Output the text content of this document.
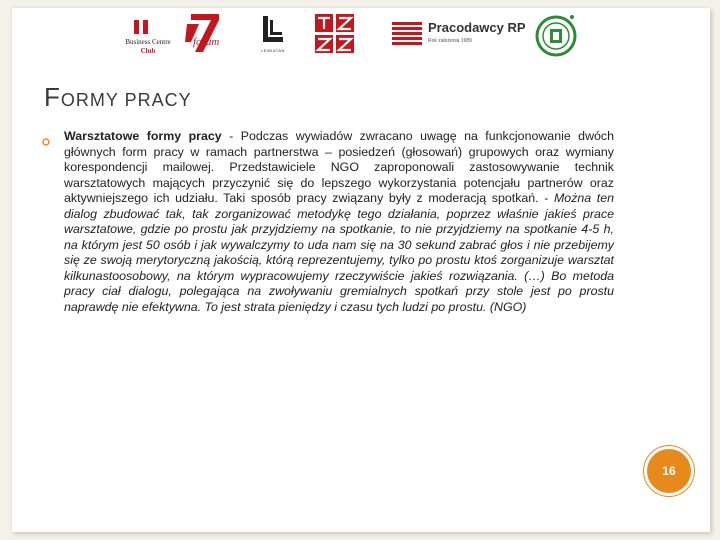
Business Centre
Club
forum
LEWIATAN
Pracodawcy RP
Rok założenia 1989
FORMY PRACY

Warsztatowe formy pracy - Podczas wywiadów zwracano uwagę na funkcjonowanie dwóch głównych form pracy w ramach partnerstwa – posiedzeń (głosowań) grupowych oraz wymiany korespondencji mailowej. Przedstawiciele NGO zaproponowali zastosowywanie technik warsztatowych mających przyczynić się do lepszego wykorzystania potencjału partnerów oraz aktywniejszego ich udziału. Taki sposób pracy związany były z moderacją spotkań. - Można ten dialog zbudować tak, tak zorganizować metodykę tego działania, poprzez właśnie jakieś prace warsztatowe, gdzie po prostu jak przyjdziemy na spotkanie, to nie przyjdziemy na spotkanie 4-5 h, na którym jest 50 osób i jak wywalczymy to uda nam się na 30 sekund zabrać głos i nie przebijemy się ze swoją merytoryczną jakością, którą reprezentujemy, tylko po prostu ktoś zorganizuje warsztat kilkunastoosobowy, na którym wypracowujemy rzeczywiście jakieś rozwiązania. (…) Bo metoda pracy ciał dialogu, polegająca na zwoływaniu gremialnych spotkań przy stole jest po prostu naprawdę nie efektywna. To jest strata pieniędzy i czasu tych ludzi po prostu. (NGO)

16
